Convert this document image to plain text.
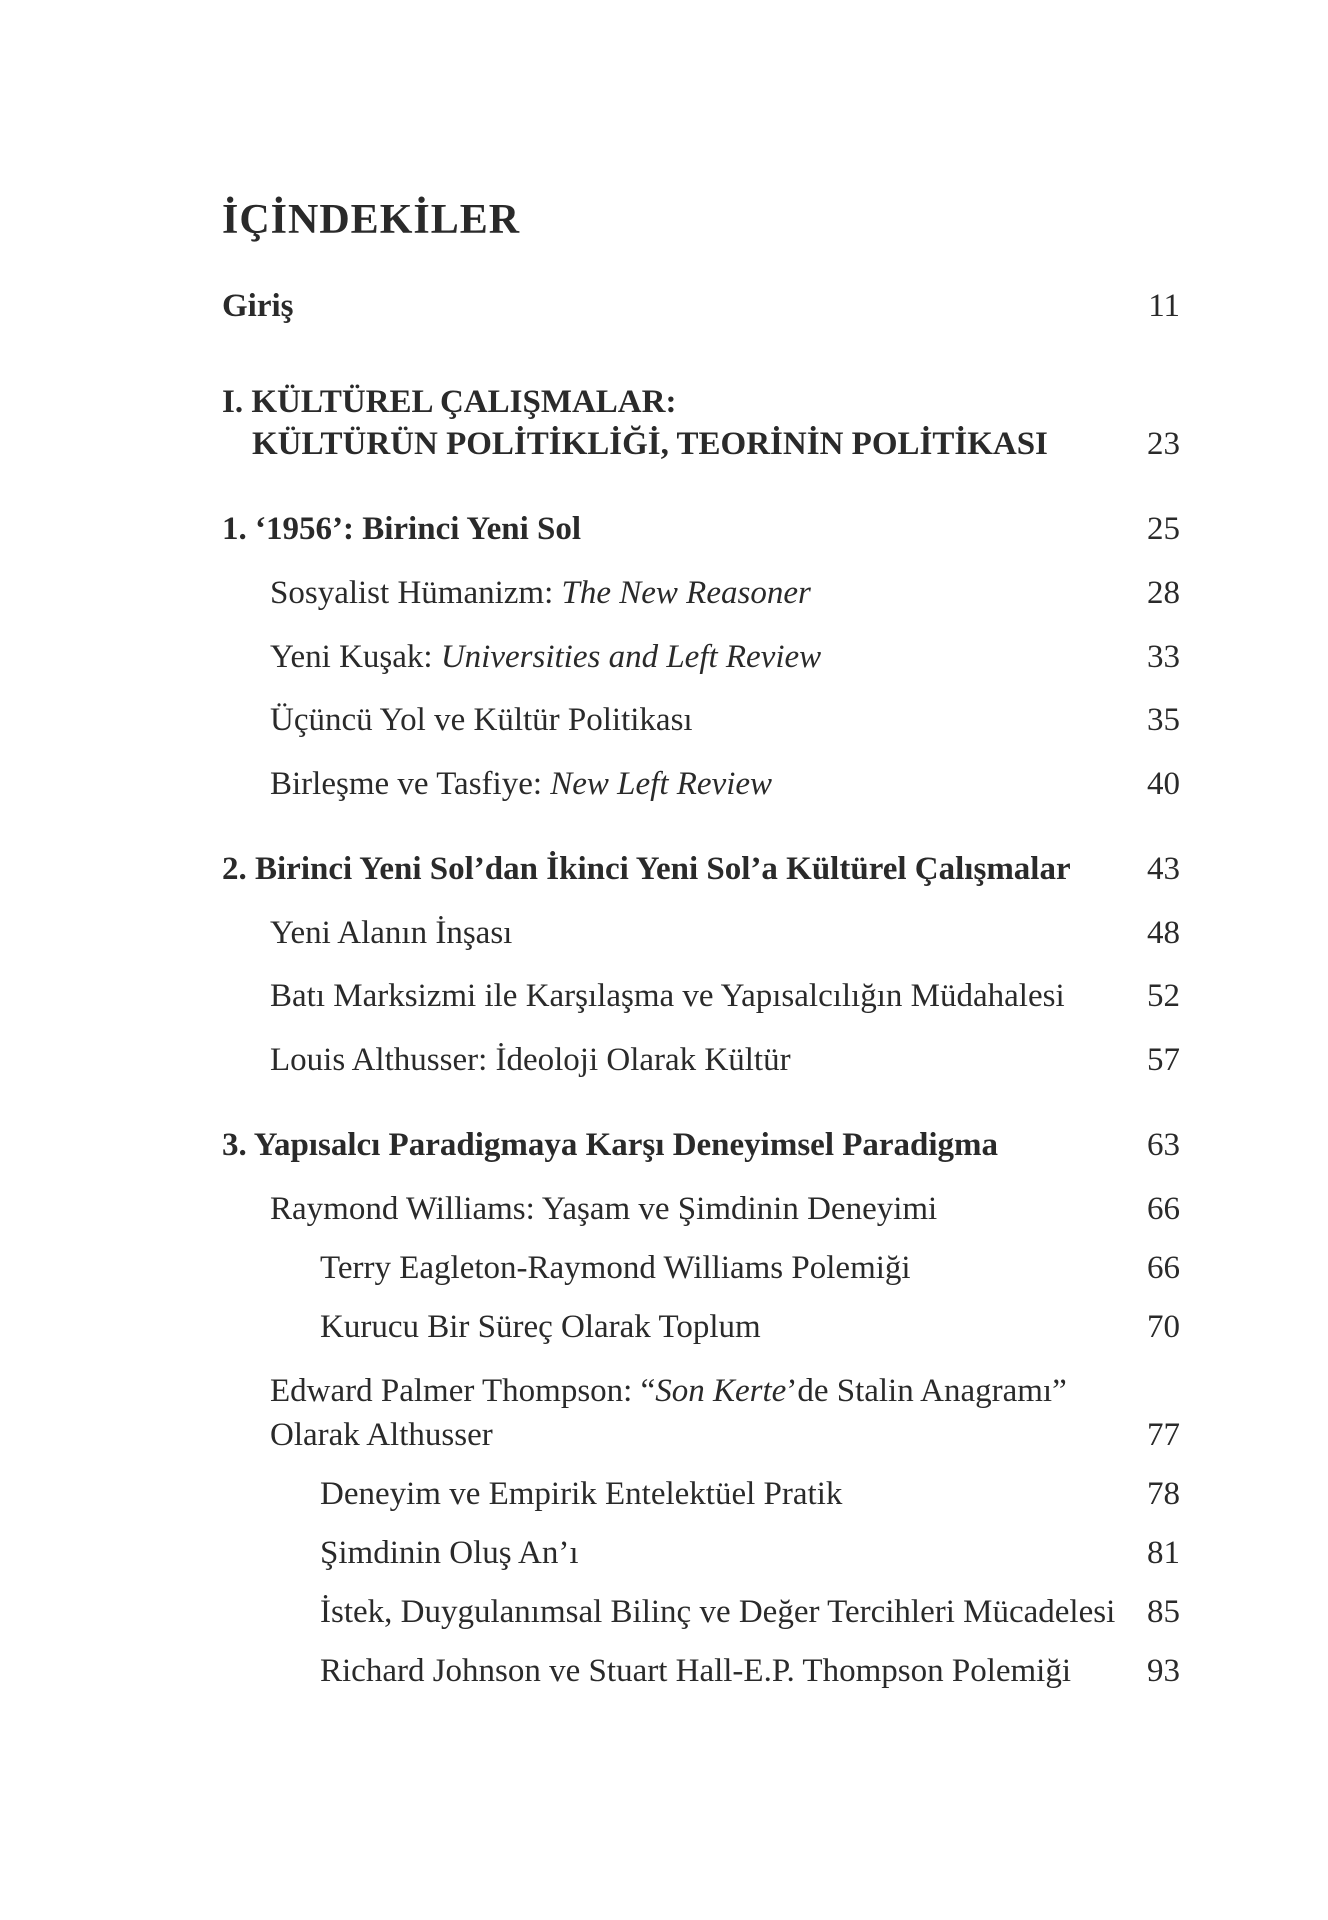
İÇİNDEKİLER
Giriş	11
I. KÜLTÜREL ÇALIŞMALAR:
KÜLTÜRÜN POLİTİKLİĞİ, TEORİNİN POLİTİKASI	23
1. ‘1956’: Birinci Yeni Sol	25
Sosyalist Hümanizm: The New Reasoner	28
Yeni Kuşak: Universities and Left Review	33
Üçüncü Yol ve Kültür Politikası	35
Birleşme ve Tasfiye: New Left Review	40
2. Birinci Yeni Sol’dan İkinci Yeni Sol’a Kültürel Çalışmalar 43
Yeni Alanın İnşası	48
Batı Marksizmi ile Karşılaşma ve Yapısalcılığın Müdahalesi 52
Louis Althusser: İdeoloji Olarak Kültür	57
3. Yapısalcı Paradigmaya Karşı Deneyimsel Paradigma	63
Raymond Williams: Yaşam ve Şimdinin Deneyimi	66
Terry Eagleton-Raymond Williams Polemiği	66
Kurucu Bir Süreç Olarak Toplum	70
Edward Palmer Thompson: “Son Kerte’de Stalin Anagramı”
Olarak Althusser	77
Deneyim ve Empirik Entelektüel Pratik	78
Şimdinin Oluş An’ı	81
İstek, Duygulanımsal Bilinç ve Değer Tercihleri Mücadelesi 85
Richard Johnson ve Stuart Hall-E.P. Thompson Polemiği 93
